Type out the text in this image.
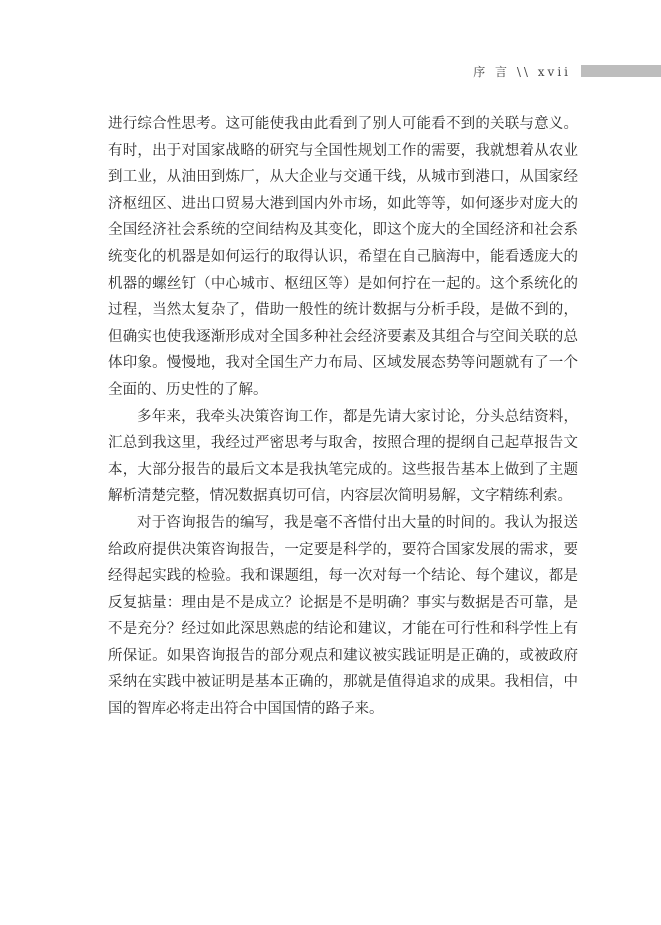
序 言 \\ xvii

进行综合性思考。这可能使我由此看到了别人可能看不到的关联与意义。有时，出于对国家战略的研究与全国性规划工作的需要，我就想着从农业到工业，从油田到炼厂，从大企业与交通干线，从城市到港口，从国家经济枢纽区、进出口贸易大港到国内外市场，如此等等，如何逐步对庞大的全国经济社会系统的空间结构及其变化，即这个庞大的全国经济和社会系统变化的机器是如何运行的取得认识，希望在自己脑海中，能看透庞大的机器的螺丝钉（中心城市、枢纽区等）是如何拧在一起的。这个系统化的过程，当然太复杂了，借助一般性的统计数据与分析手段，是做不到的，但确实也使我逐渐形成对全国多种社会经济要素及其组合与空间关联的总体印象。慢慢地，我对全国生产力布局、区域发展态势等问题就有了一个全面的、历史性的了解。

多年来，我牵头决策咨询工作，都是先请大家讨论，分头总结资料，汇总到我这里，我经过严密思考与取舍，按照合理的提纲自己起草报告文本，大部分报告的最后文本是我执笔完成的。这些报告基本上做到了主题解析清楚完整，情况数据真切可信，内容层次简明易解，文字精练利索。

对于咨询报告的编写，我是毫不吝惜付出大量的时间的。我认为报送给政府提供决策咨询报告，一定要是科学的，要符合国家发展的需求，要经得起实践的检验。我和课题组，每一次对每一个结论、每个建议，都是反复掂量：理由是不是成立？论据是不是明确？事实与数据是否可靠，是不是充分？经过如此深思熟虑的结论和建议，才能在可行性和科学性上有所保证。如果咨询报告的部分观点和建议被实践证明是正确的，或被政府采纳在实践中被证明是基本正确的，那就是值得追求的成果。我相信，中国的智库必将走出符合中国国情的路子来。
